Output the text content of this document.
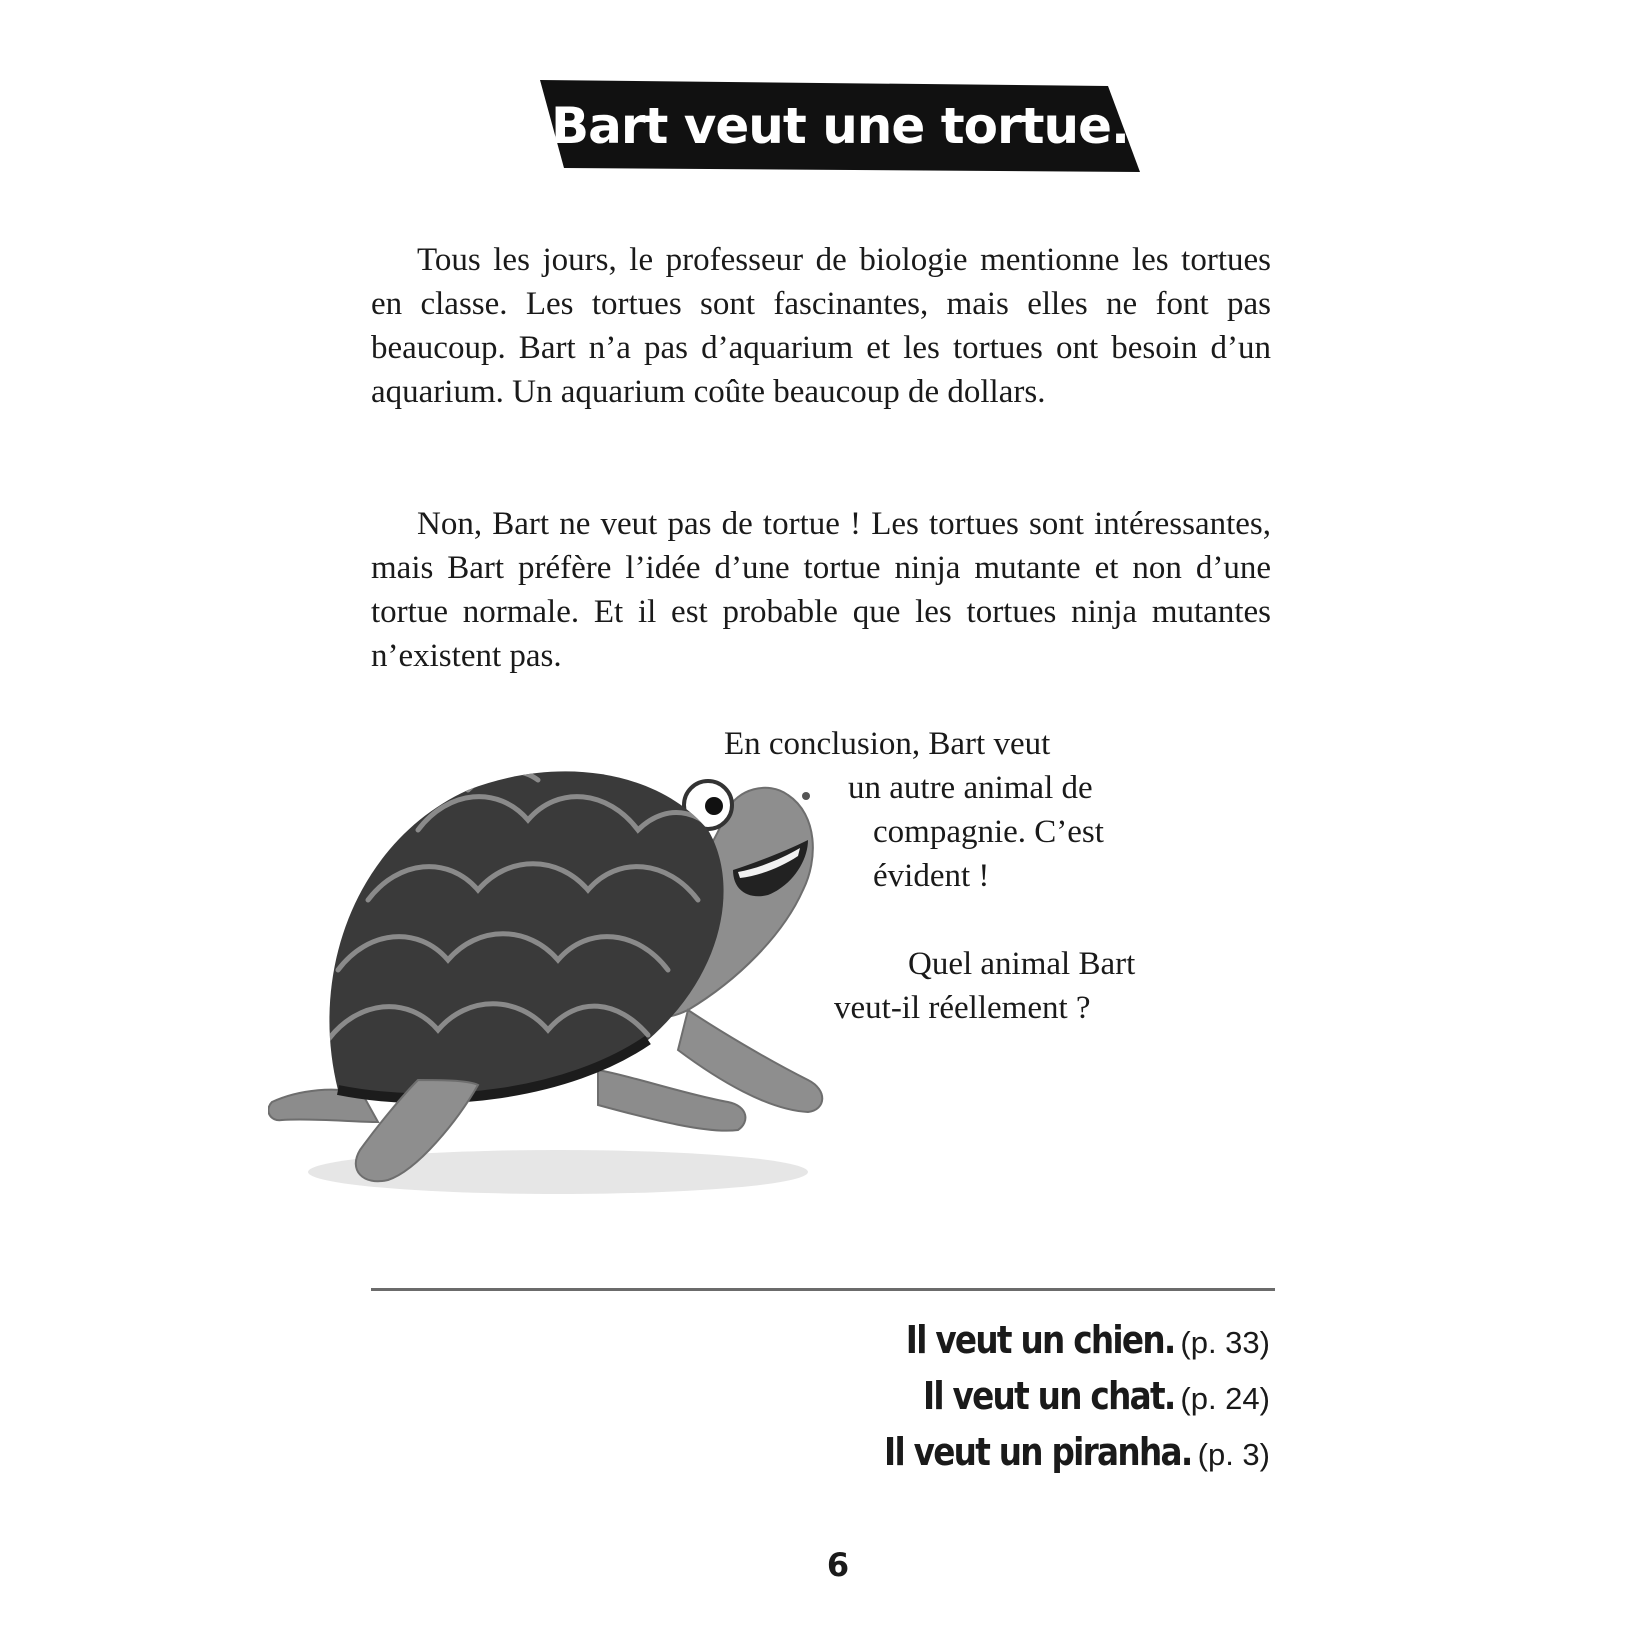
Bart veut une tortue.

Tous les jours, le professeur de biologie mentionne les tortues en classe. Les tortues sont fascinantes, mais elles ne font pas beaucoup. Bart n’a pas d’aquarium et les tortues ont besoin d’un aquarium. Un aquarium coûte beaucoup de dollars.

Non, Bart ne veut pas de tortue ! Les tortues sont intéressantes, mais Bart préfère l’idée d’une tortue ninja mutante et non d’une tortue normale. Et il est probable que les tortues ninja mutantes n’existent pas.

En conclusion, Bart veut

un autre animal de

compagnie. C’est

évident !

Quel animal Bart

veut-il réellement ?

Il veut un chien. (p. 33)
Il veut un chat. (p. 24)
Il veut un piranha. (p. 3)
6
